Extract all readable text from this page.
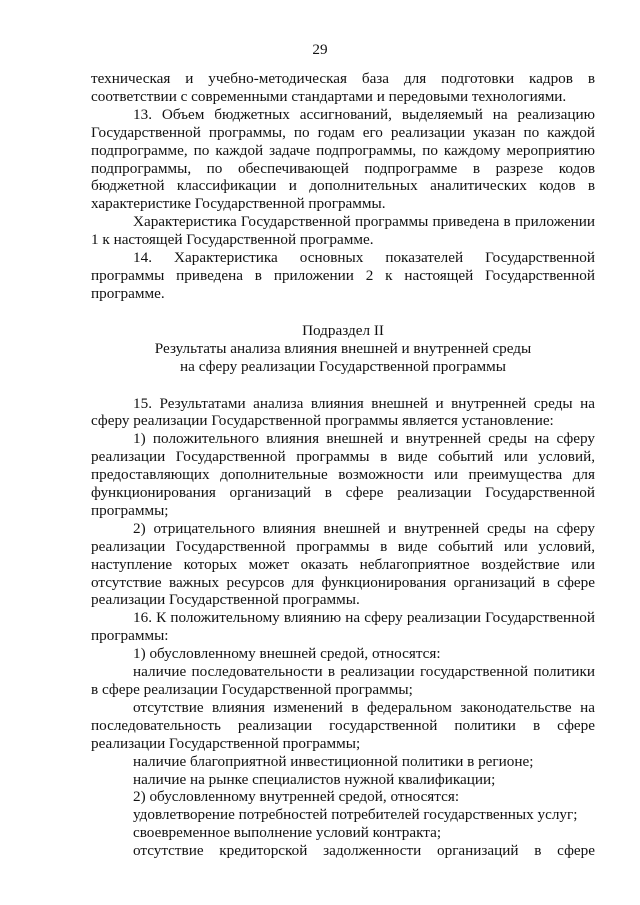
29

техническая и учебно-методическая база для подготовки кадров в соответствии с современными стандартами и передовыми технологиями.

13. Объем бюджетных ассигнований, выделяемый на реализацию Государственной программы, по годам его реализации указан по каждой подпрограмме, по каждой задаче подпрограммы, по каждому мероприятию подпрограммы, по обеспечивающей подпрограмме в разрезе кодов бюджетной классификации и дополнительных аналитических кодов в характеристике Государственной программы.

Характеристика Государственной программы приведена в приложении 1 к настоящей Государственной программе.

14. Характеристика основных показателей Государственной программы приведена в приложении 2 к настоящей Государственной программе.

Подраздел II

Результаты анализа влияния внешней и внутренней среды

на сферу реализации Государственной программы

15. Результатами анализа влияния внешней и внутренней среды на сферу реализации Государственной программы является установление:

1) положительного влияния внешней и внутренней среды на сферу реализации Государственной программы в виде событий или условий, предоставляющих дополнительные возможности или преимущества для функционирования организаций в сфере реализации Государственной программы;

2) отрицательного влияния внешней и внутренней среды на сферу реализации Государственной программы в виде событий или условий, наступление которых может оказать неблагоприятное воздействие или отсутствие важных ресурсов для функционирования организаций в сфере реализации Государственной программы.

16. К положительному влиянию на сферу реализации Государственной программы:

1) обусловленному внешней средой, относятся:

наличие последовательности в реализации государственной политики в сфере реализации Государственной программы;

отсутствие влияния изменений в федеральном законодательстве на последовательность реализации государственной политики в сфере реализации Государственной программы;

наличие благоприятной инвестиционной политики в регионе;

наличие на рынке специалистов нужной квалификации;

2) обусловленному внутренней средой, относятся:

удовлетворение потребностей потребителей государственных услуг;

своевременное выполнение условий контракта;

отсутствие кредиторской задолженности организаций в сфере
